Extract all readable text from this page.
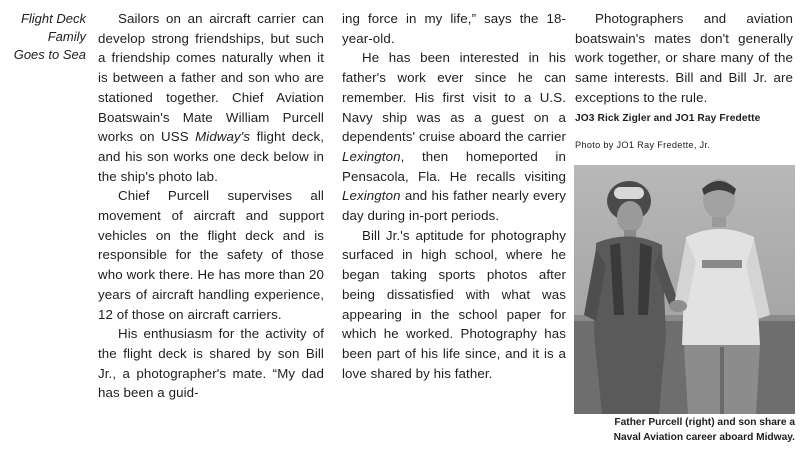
Flight Deck
Family
Goes to Sea

Sailors on an aircraft carrier can develop strong friendships, but such a friendship comes naturally when it is between a father and son who are stationed together. Chief Aviation Boatswain's Mate William Purcell works on USS Midway's flight deck, and his son works one deck below in the ship's photo lab.

Chief Purcell supervises all movement of aircraft and support vehicles on the flight deck and is responsible for the safety of those who work there. He has more than 20 years of aircraft handling experience, 12 of those on aircraft carriers.

His enthusiasm for the activity of the flight deck is shared by son Bill Jr., a photographer's mate. “My dad has been a guid-

ing force in my life,” says the 18-year-old.

He has been interested in his father's work ever since he can remember. His first visit to a U.S. Navy ship was as a guest on a dependents' cruise aboard the carrier Lexington, then homeported in Pensacola, Fla. He recalls visiting Lexington and his father nearly every day during in-port periods.

Bill Jr.'s aptitude for photography surfaced in high school, where he began taking sports photos after being dissatisfied with what was appearing in the school paper for which he worked. Photography has been part of his life since, and it is a love shared by his father.

Photographers and aviation boatswain's mates don't generally work together, or share many of the same interests. Bill and Bill Jr. are exceptions to the rule.

JO3 Rick Zigler and JO1 Ray Fredette
Photo by JO1 Ray Fredette, Jr.
Father Purcell (right) and son share a
Naval Aviation career aboard Midway.
